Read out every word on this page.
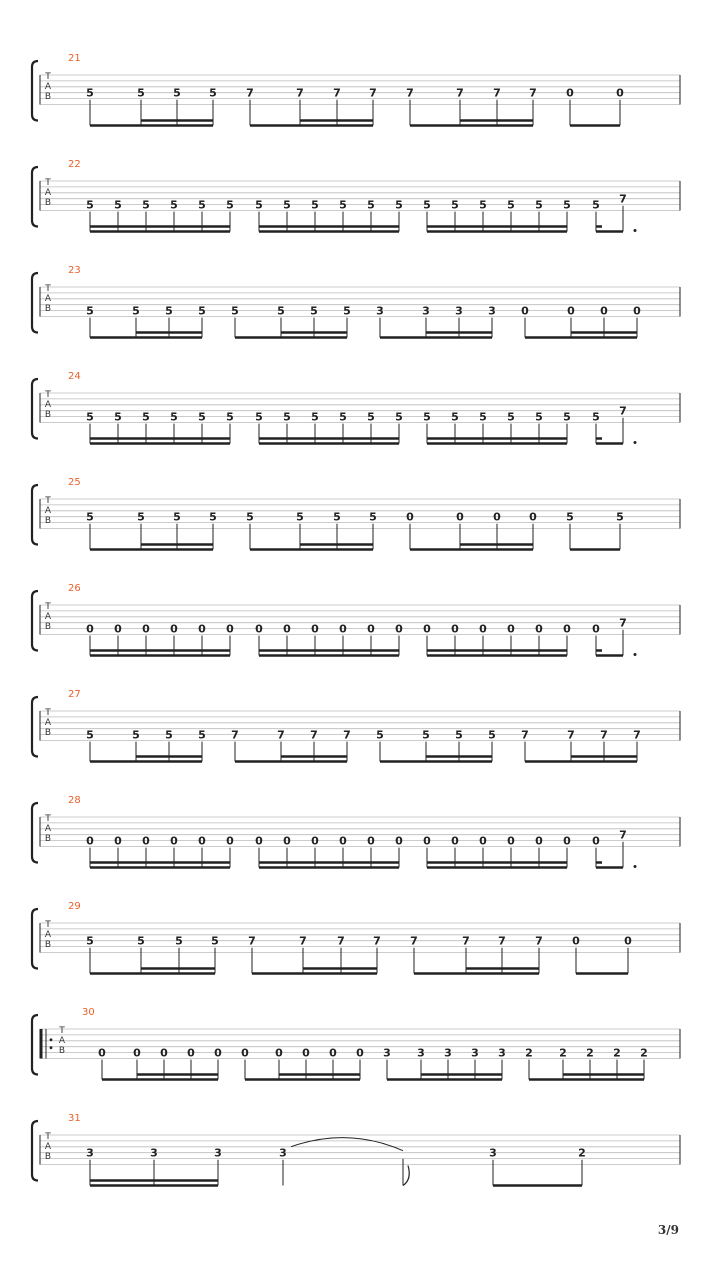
T
A
B
21
5	5	5	5	7	7	7	7	7	7	7	7	0	0
T
A
B
22
5 5 5 5 5 5 5 5 5 5 5 5 5 5 5 5 5 5 5 7
T
A
B
23
5	5 5 5 5	5 5 5 3	3 3 3 0	0 0 0
T
A
B
24
5 5 5 5 5 5 5 5 5 5 5 5 5 5 5 5 5 5 5 7
T
A
B
25
5	5	5	5	5	5	5	5	0	0	0	0	5	5
T
A
B
26
0 0 0 0 0 0 0 0 0 0 0 0 0 0 0 0 0 0 0 7
T
A
B
27
5	5 5 5 7	7 7 7 5	5 5 5 7	7 7 7
T
A
B
28
0 0 0 0 0 0 0 0 0 0 0 0 0 0 0 0 0 0 0 7
T
A
B
29
5	5	5	5	7	7	7	7	7	7	7	7	0	0
T
A
B
30
0 0 0 0 0 0 0 0 0 0 3 3 3 3 3 2 2 2 2 2
T
A
B
31
3	3	3	3	3	2
3/9
